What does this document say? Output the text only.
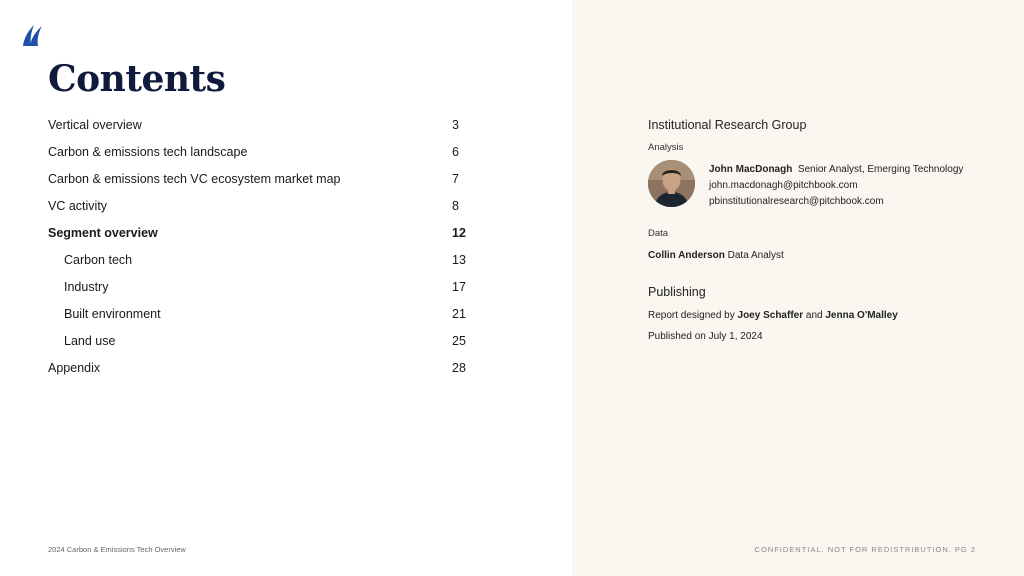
Contents
Vertical overview	3
Carbon & emissions tech landscape	6
Carbon & emissions tech VC ecosystem market map	7
VC activity	8
Segment overview	12
Carbon tech	13
Industry	17
Built environment	21
Land use	25
Appendix	28
Institutional Research Group
Analysis
John MacDonagh Senior Analyst, Emerging Technology
john.macdonagh@pitchbook.com
pbinstitutionalresearch@pitchbook.com
Data
Collin Anderson Data Analyst
Publishing
Report designed by Joey Schaffer and Jenna O'Malley
Published on July 1, 2024
2024 Carbon & Emissions Tech Overview	CONFIDENTIAL. NOT FOR REDISTRIBUTION. PG 2
